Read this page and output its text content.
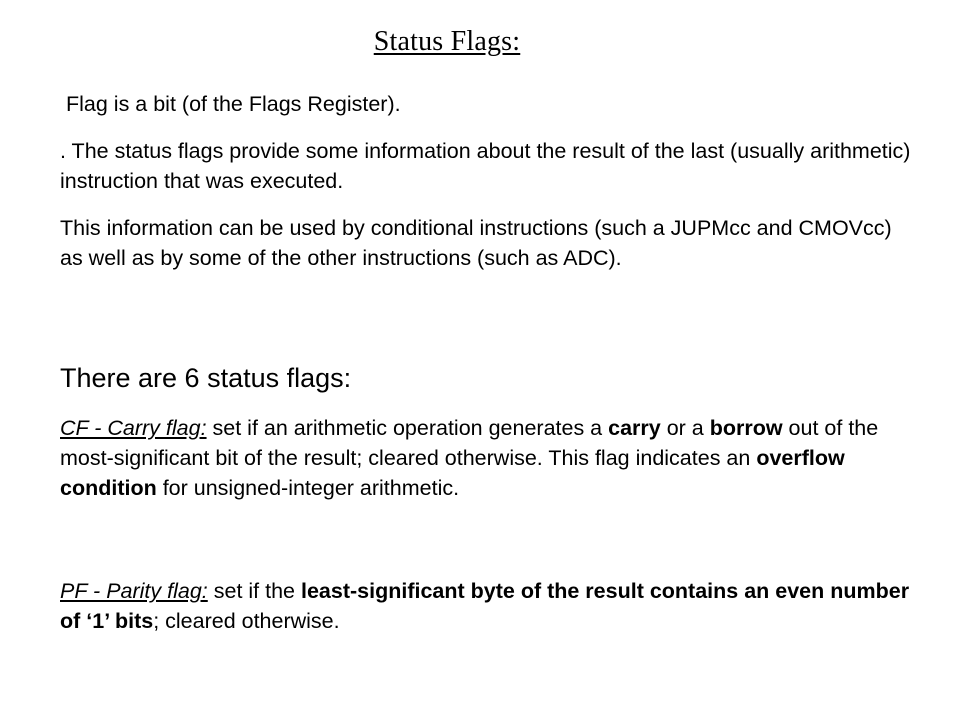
Status Flags:

Flag is a bit (of the Flags Register).

. The status flags provide some information about the result of the last (usually arithmetic) instruction that was executed.

This information can be used by conditional instructions (such a JUPMcc and CMOVcc) as well as by some of the other instructions (such as ADC).

There are 6 status flags:

CF - Carry flag: set if an arithmetic operation generates a carry or a borrow out of the most-significant bit of the result; cleared otherwise. This flag indicates an overflow condition for unsigned-integer arithmetic.

PF - Parity flag: set if the least-significant byte of the result contains an even number of ‘1’ bits; cleared otherwise.
